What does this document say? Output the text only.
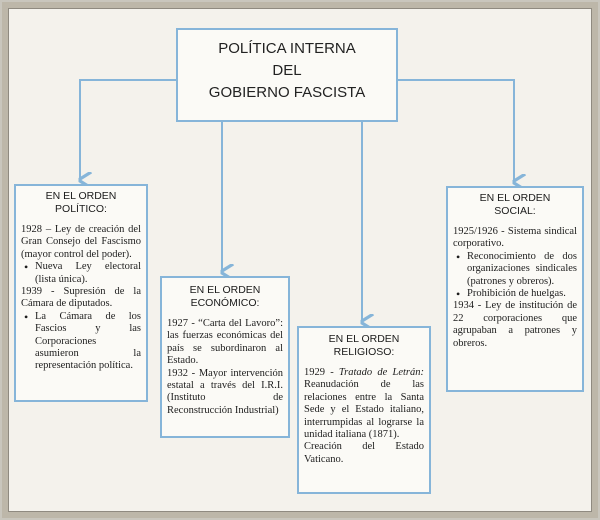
POLÍTICA INTERNA
DEL
GOBIERNO FASCISTA
EN EL ORDEN
POLÍTICO:

1928 – Ley de creación del Gran Consejo del Fascismo (mayor control del poder).

• Nueva Ley electoral (lista única).

1939 - Supresión de la Cámara de diputados.

• La Cámara de los Fascios y las Corporaciones asumieron la representación política.

EN EL ORDEN
ECONÓMICO:

1927 - “Carta del Lavoro”: las fuerzas económicas del país se subordinaron al Estado.

1932 - Mayor intervención estatal a través del I.R.I. (Instituto de Reconstrucción Industrial)

EN EL ORDEN
RELIGIOSO:

1929 - Tratado de Letrán: Reanudación de las relaciones entre la Santa Sede y el Estado italiano, interrumpidas al lograrse la unidad italiana (1871).

Creación del Estado Vaticano.

EN EL ORDEN
SOCIAL:

1925/1926 - Sistema sindical corporativo.

• Reconocimiento de dos organizaciones sindicales (patrones y obreros).

• Prohibición de huelgas.

1934 - Ley de institución de 22 corporaciones que agrupaban a patrones y obreros.
